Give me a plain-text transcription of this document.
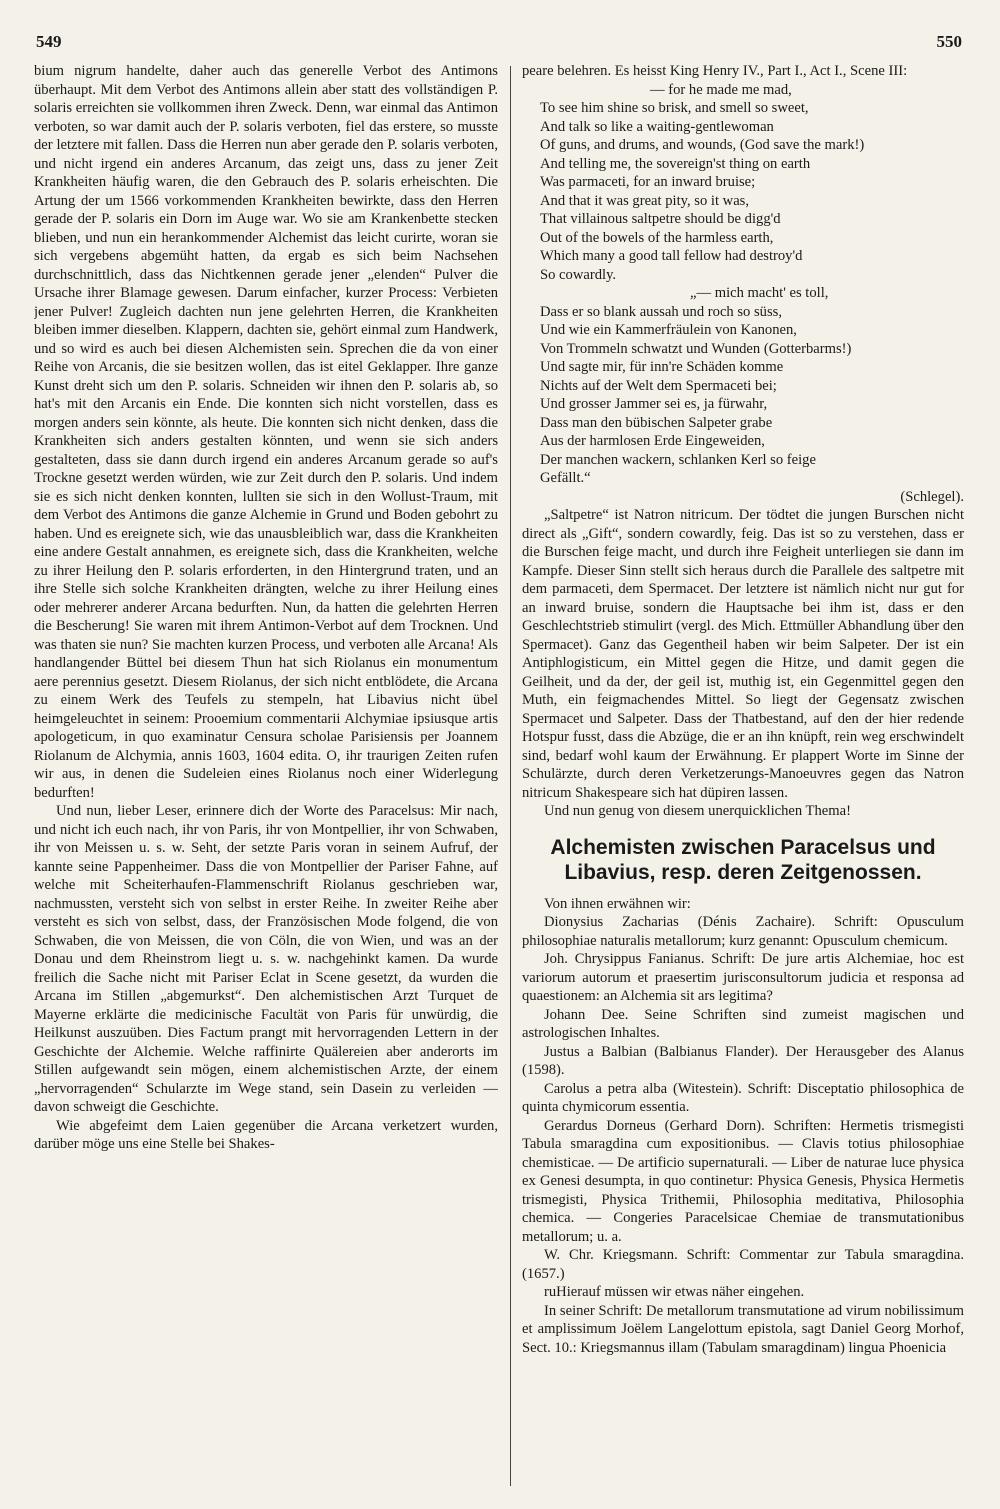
549	550

bium nigrum handelte, daher auch das generelle Verbot des Antimons überhaupt. Mit dem Verbot des Antimons allein aber statt des vollständigen P. solaris erreichten sie vollkommen ihren Zweck. Denn, war einmal das Antimon verboten, so war damit auch der P. solaris verboten, fiel das erstere, so musste der letztere mit fallen. Dass die Herren nun aber gerade den P. solaris verboten, und nicht irgend ein anderes Arcanum, das zeigt uns, dass zu jener Zeit Krankheiten häufig waren, die den Gebrauch des P. solaris erheischten. Die Artung der um 1566 vorkommenden Krankheiten bewirkte, dass den Herren gerade der P. solaris ein Dorn im Auge war. Wo sie am Krankenbette stecken blieben, und nun ein herankommender Alchemist das leicht curirte, woran sie sich vergebens abgemüht hatten, da ergab es sich beim Nachsehen durchschnittlich, dass das Nichtkennen gerade jener „elenden“ Pulver die Ursache ihrer Blamage gewesen. Darum einfacher, kurzer Process: Verbieten jener Pulver! Zugleich dachten nun jene gelehrten Herren, die Krankheiten bleiben immer dieselben. Klappern, dachten sie, gehört einmal zum Handwerk, und so wird es auch bei diesen Alchemisten sein. Sprechen die da von einer Reihe von Arcanis, die sie besitzen wollen, das ist eitel Geklapper. Ihre ganze Kunst dreht sich um den P. solaris. Schneiden wir ihnen den P. solaris ab, so hat's mit den Arcanis ein Ende. Die konnten sich nicht vorstellen, dass es morgen anders sein könnte, als heute. Die konnten sich nicht denken, dass die Krankheiten sich anders gestalten könnten, und wenn sie sich anders gestalteten, dass sie dann durch irgend ein anderes Arcanum gerade so auf's Trockne gesetzt werden würden, wie zur Zeit durch den P. solaris. Und indem sie es sich nicht denken konnten, lullten sie sich in den Wollust-Traum, mit dem Verbot des Antimons die ganze Alchemie in Grund und Boden gebohrt zu haben. Und es ereignete sich, wie das unausbleiblich war, dass die Krankheiten eine andere Gestalt annahmen, es ereignete sich, dass die Krankheiten, welche zu ihrer Heilung den P. solaris erforderten, in den Hintergrund traten, und an ihre Stelle sich solche Krankheiten drängten, welche zu ihrer Heilung eines oder mehrerer anderer Arcana bedurften. Nun, da hatten die gelehrten Herren die Bescherung! Sie waren mit ihrem Antimon-Verbot auf dem Trocknen. Und was thaten sie nun? Sie machten kurzen Process, und verboten alle Arcana! Als handlangender Büttel bei diesem Thun hat sich Riolanus ein monumentum aere perennius gesetzt. Diesem Riolanus, der sich nicht entblödete, die Arcana zu einem Werk des Teufels zu stempeln, hat Libavius nicht übel heimgeleuchtet in seinem: Prooemium commentarii Alchymiae ipsiusque artis apologeticum, in quo examinatur Censura scholae Parisiensis per Joannem Riolanum de Alchymia, annis 1603, 1604 edita. O, ihr traurigen Zeiten rufen wir aus, in denen die Sudeleien eines Riolanus noch einer Widerlegung bedurften!

Und nun, lieber Leser, erinnere dich der Worte des Paracelsus: Mir nach, und nicht ich euch nach, ihr von Paris, ihr von Montpellier, ihr von Schwaben, ihr von Meissen u. s. w. Seht, der setzte Paris voran in seinem Aufruf, der kannte seine Pappenheimer. Dass die von Montpellier der Pariser Fahne, auf welche mit Scheiterhaufen-Flammenschrift Riolanus geschrieben war, nachmussten, versteht sich von selbst in erster Reihe. In zweiter Reihe aber versteht es sich von selbst, dass, der Französischen Mode folgend, die von Schwaben, die von Meissen, die von Cöln, die von Wien, und was an der Donau und dem Rheinstrom liegt u. s. w. nachgehinkt kamen. Da wurde freilich die Sache nicht mit Pariser Eclat in Scene gesetzt, da wurden die Arcana im Stillen „abgemurkst“. Den alchemistischen Arzt Turquet de Mayerne erklärte die medicinische Facultät von Paris für unwürdig, die Heilkunst auszuüben. Dies Factum prangt mit hervorragenden Lettern in der Geschichte der Alchemie. Welche raffinirte Quälereien aber anderorts im Stillen aufgewandt sein mögen, einem alchemistischen Arzte, der einem „hervorragenden“ Schularzte im Wege stand, sein Dasein zu verleiden — davon schweigt die Geschichte.

Wie abgefeimt dem Laien gegenüber die Arcana verketzert wurden, darüber möge uns eine Stelle bei Shakes-

peare belehren. Es heisst King Henry IV., Part I., Act I., Scene III:

— for he made me mad,
To see him shine so brisk, and smell so sweet,
And talk so like a waiting-gentlewoman
Of guns, and drums, and wounds, (God save the mark!)
And telling me, the sovereign'st thing on earth
Was parmaceti, for an inward bruise;
And that it was great pity, so it was,
That villainous saltpetre should be digg'd
Out of the bowels of the harmless earth,
Which many a good tall fellow had destroy'd
So cowardly.
„— mich macht' es toll,
Dass er so blank aussah und roch so süss,
Und wie ein Kammerfräulein von Kanonen,
Von Trommeln schwatzt und Wunden (Gotterbarms!)
Und sagte mir, für inn're Schäden komme
Nichts auf der Welt dem Spermaceti bei;
Und grosser Jammer sei es, ja fürwahr,
Dass man den bübischen Salpeter grabe
Aus der harmlosen Erde Eingeweiden,
Der manchen wackern, schlanken Kerl so feige
Gefällt.“

(Schlegel).

„Saltpetre“ ist Natron nitricum. Der tödtet die jungen Burschen nicht direct als „Gift“, sondern cowardly, feig. Das ist so zu verstehen, dass er die Burschen feige macht, und durch ihre Feigheit unterliegen sie dann im Kampfe. Dieser Sinn stellt sich heraus durch die Parallele des saltpetre mit dem parmaceti, dem Spermacet. Der letztere ist nämlich nicht nur gut for an inward bruise, sondern die Hauptsache bei ihm ist, dass er den Geschlechtstrieb stimulirt (vergl. des Mich. Ettmüller Abhandlung über den Spermacet). Ganz das Gegentheil haben wir beim Salpeter. Der ist ein Antiphlogisticum, ein Mittel gegen die Hitze, und damit gegen die Geilheit, und da der, der geil ist, muthig ist, ein Gegenmittel gegen den Muth, ein feigmachendes Mittel. So liegt der Gegensatz zwischen Spermacet und Salpeter. Dass der Thatbestand, auf den der hier redende Hotspur fusst, dass die Abzüge, die er an ihn knüpft, rein weg erschwindelt sind, bedarf wohl kaum der Erwähnung. Er plappert Worte im Sinne der Schulärzte, durch deren Verketzerungs-Manoeuvres gegen das Natron nitricum Shakespeare sich hat düpiren lassen.

Und nun genug von diesem unerquicklichen Thema!

Alchemisten zwischen Paracelsus und Libavius, resp. deren Zeitgenossen.

Von ihnen erwähnen wir:

Dionysius Zacharias (Dénis Zachaire). Schrift: Opusculum philosophiae naturalis metallorum; kurz genannt: Opusculum chemicum.

Joh. Chrysippus Fanianus. Schrift: De jure artis Alchemiae, hoc est variorum autorum et praesertim jurisconsultorum judicia et responsa ad quaestionem: an Alchemia sit ars legitima?

Johann Dee. Seine Schriften sind zumeist magischen und astrologischen Inhaltes.

Justus a Balbian (Balbianus Flander). Der Herausgeber des Alanus (1598).

Carolus a petra alba (Witestein). Schrift: Disceptatio philosophica de quinta chymicorum essentia.

Gerardus Dorneus (Gerhard Dorn). Schriften: Hermetis trismegisti Tabula smaragdina cum expositionibus. — Clavis totius philosophiae chemisticae. — De artificio supernaturali. — Liber de naturae luce physica ex Genesi desumpta, in quo continetur: Physica Genesis, Physica Hermetis trismegisti, Physica Trithemii, Philosophia meditativa, Philosophia chemica. — Congeries Paracelsicae Chemiae de transmutationibus metallorum; u. a.

W. Chr. Kriegsmann. Schrift: Commentar zur Tabula smaragdina. (1657.)

ruHierauf müssen wir etwas näher eingehen.

In seiner Schrift: De metallorum transmutatione ad virum nobilissimum et amplissimum Joëlem Langelottum epistola, sagt Daniel Georg Morhof, Sect. 10.: Kriegsmannus illam (Tabulam smaragdinam) lingua Phoenicia
